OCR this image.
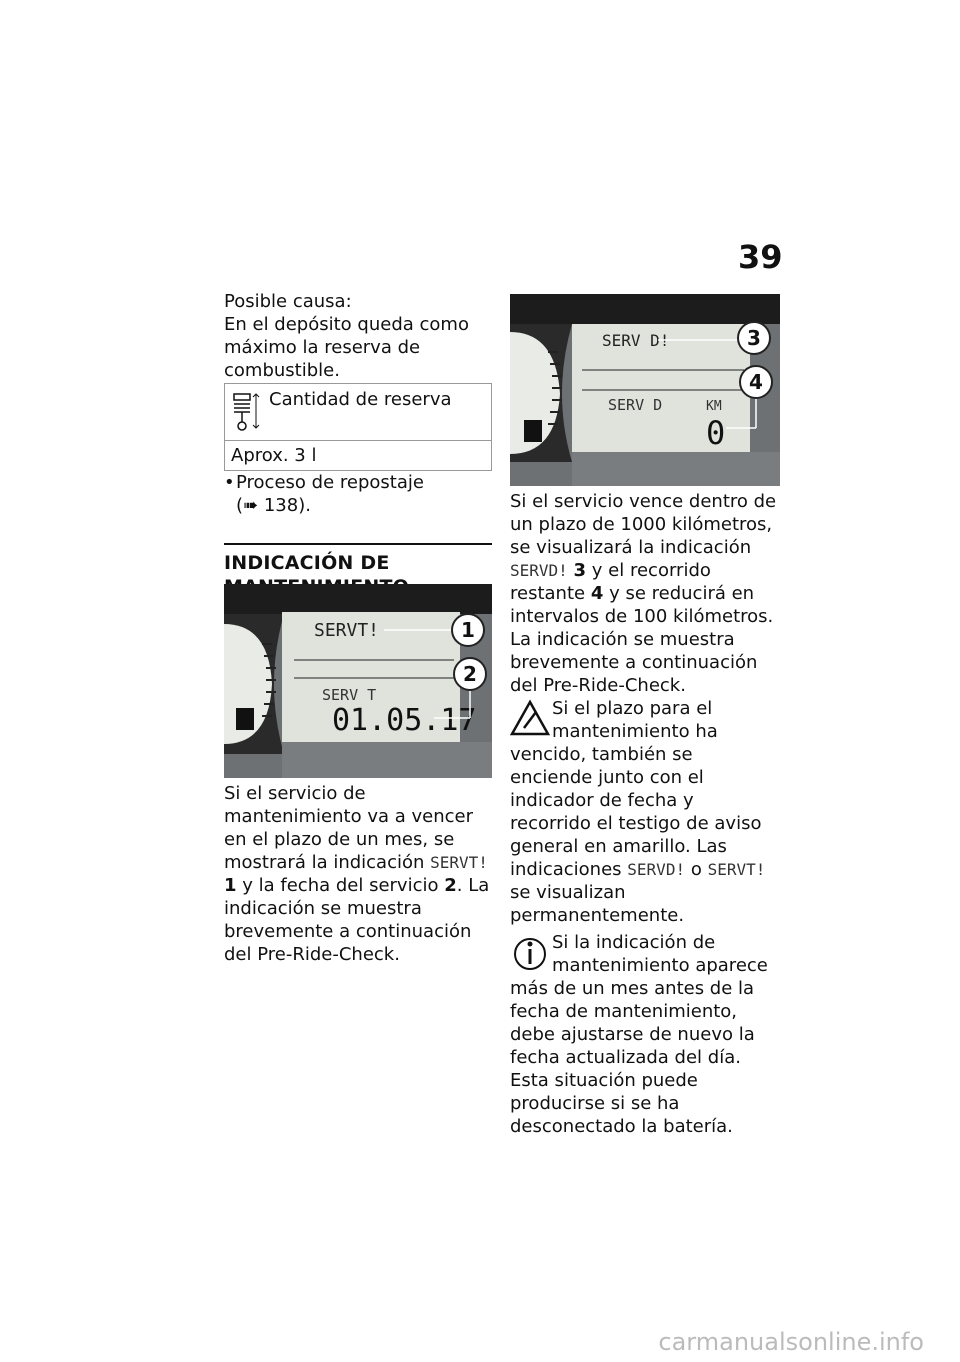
39

Posible causa:

En el depósito queda como máximo la reserva de combustible.

Cantidad de reserva
Aprox. 3 l
• Proceso de repostaje
(➠ 138).
INDICACIÓN DE
SERVT!
SERV T
01.05.17
1
2

Si el servicio de mantenimiento va a vencer en el plazo de un mes, se mostrará la indicación SERVT! 1 y la fecha del servicio 2. La indicación se muestra brevemente a continuación del Pre-Ride-Check.

SERV D!
SERV D	KM
0
3
4

Si el servicio vence dentro de un plazo de 1000 kilómetros, se visualizará la indicación SERVD! 3 y el recorrido restante 4 y se reducirá en intervalos de 100 kilómetros. La indicación se muestra brevemente a continuación del Pre-Ride-Check.

Si el plazo para el mantenimiento ha vencido, también se enciende junto con el indicador de fecha y recorrido el testigo de aviso general en amarillo. Las indicaciones SERVD! o SERVT! se visualizan permanentemente.

Si la indicación de mantenimiento aparece más de un mes antes de la fecha de mantenimiento, debe ajustarse de nuevo la fecha actualizada del día. Esta situación puede producirse si se ha desconectado la batería.

carmanualsonline.info
